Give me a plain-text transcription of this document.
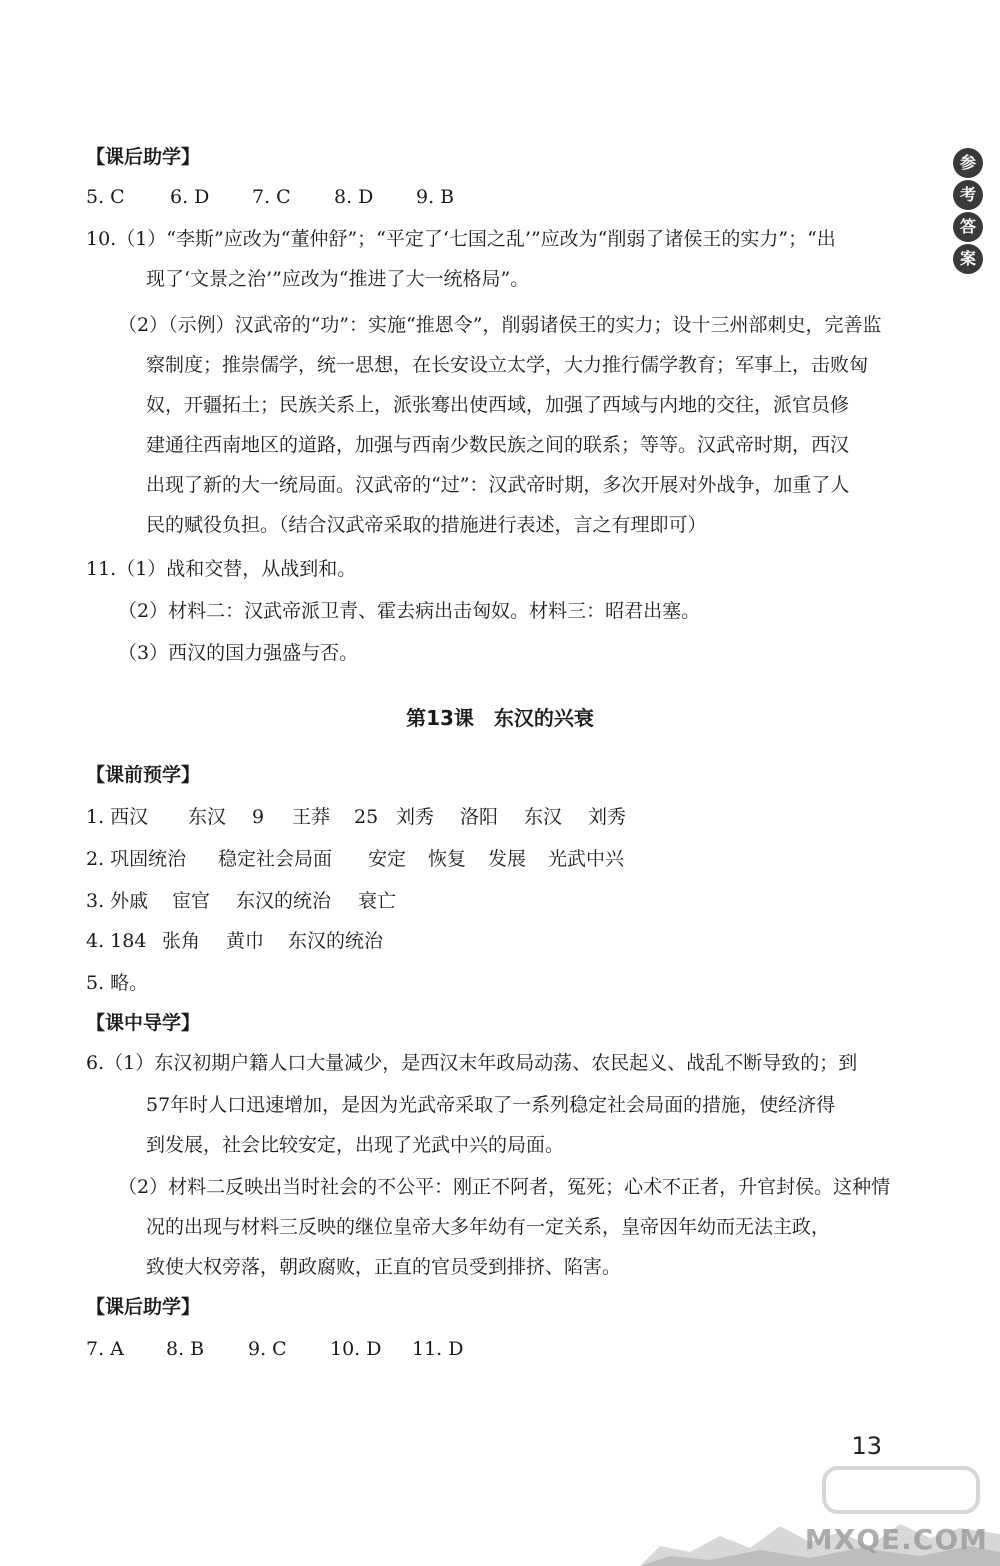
参
考
答
案
【课后助学】
5. C	6. D	7. C	8. D	9. B
10.（1）“李斯”应改为“董仲舒”；“平定了‘七国之乱’”应改为“削弱了诸侯王的实力”；“出
现了‘文景之治’”应改为“推进了大一统格局”。
（2）（示例）汉武帝的“功”：实施“推恩令”，削弱诸侯王的实力；设十三州部刺史，完善监
察制度；推崇儒学，统一思想，在长安设立太学，大力推行儒学教育；军事上，击败匈
奴，开疆拓土；民族关系上，派张骞出使西域，加强了西域与内地的交往，派官员修
建通往西南地区的道路，加强与西南少数民族之间的联系；等等。汉武帝时期，西汉
出现了新的大一统局面。汉武帝的“过”：汉武帝时期，多次开展对外战争，加重了人
民的赋役负担。（结合汉武帝采取的措施进行表述，言之有理即可）
11.（1）战和交替，从战到和。
（2）材料二：汉武帝派卫青、霍去病出击匈奴。材料三：昭君出塞。
（3）西汉的国力强盛与否。
第13课　东汉的兴衰
【课前预学】
1. 西汉	东汉	9	王莽	25 刘秀	洛阳	东汉	刘秀
2. 巩固统治	稳定社会局面	安定	恢复	发展	光武中兴
3. 外戚	宦官	东汉的统治	衰亡
4. 184 张角	黄巾	东汉的统治
5. 略。
【课中导学】
6.（1）东汉初期户籍人口大量减少，是西汉末年政局动荡、农民起义、战乱不断导致的；到
57年时人口迅速增加，是因为光武帝采取了一系列稳定社会局面的措施，使经济得
到发展，社会比较安定，出现了光武中兴的局面。
（2）材料二反映出当时社会的不公平：刚正不阿者，冤死；心术不正者，升官封侯。这种情
况的出现与材料三反映的继位皇帝大多年幼有一定关系，皇帝因年幼而无法主政，
致使大权旁落，朝政腐败，正直的官员受到排挤、陷害。
【课后助学】
7. A	8. B	9. C	10. D	11. D
13
MXQE.COM
